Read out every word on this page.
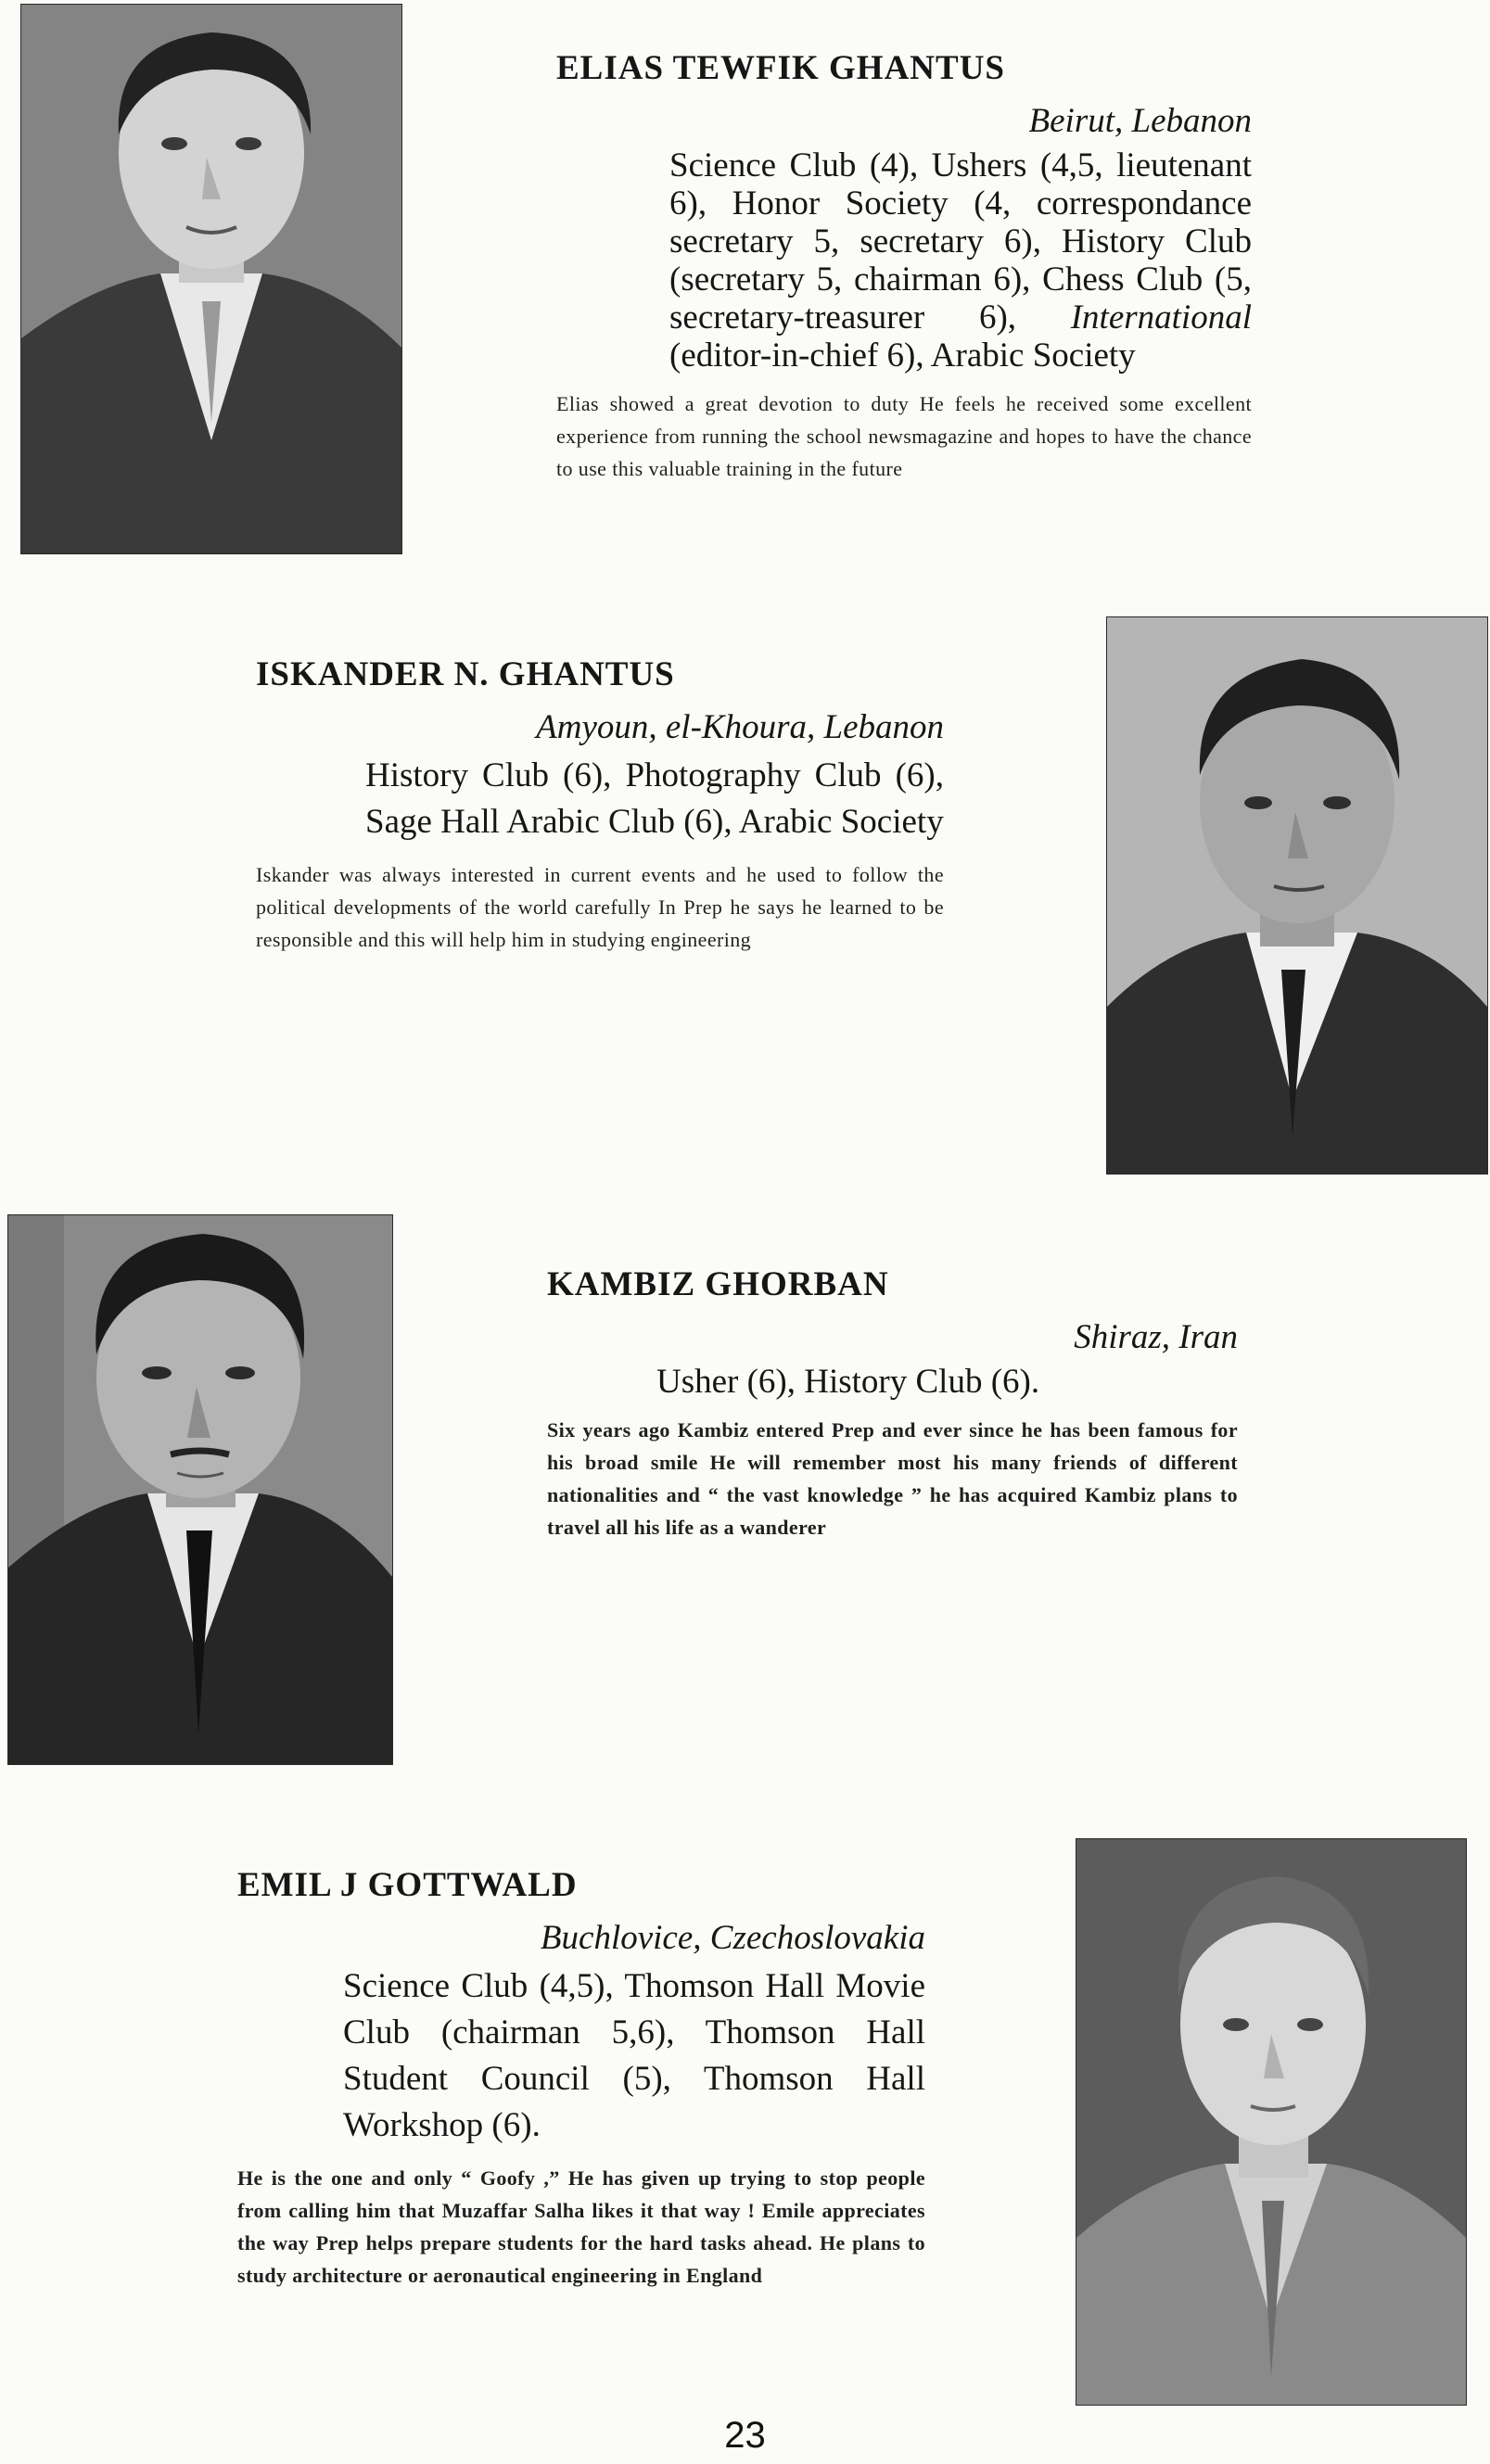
ELIAS TEWFIK GHANTUS
Beirut, Lebanon

Science Club (4), Ushers (4,5, lieutenant 6), Honor Society (4, correspondance secretary 5, secretary 6), History Club (secretary 5, chairman 6), Chess Club (5, secretary-treasurer 6), International (editor-in-chief 6), Arabic Society

Elias showed a great devotion to duty He feels he received some excellent experience from running the school newsmagazine and hopes to have the chance to use this valuable training in the future

ISKANDER N. GHANTUS
Amyoun, el-Khoura, Lebanon

History Club (6), Photography Club (6), Sage Hall Arabic Club (6), Arabic Society

Iskander was always interested in current events and he used to follow the political developments of the world carefully In Prep he says he learned to be responsible and this will help him in studying engineering

KAMBIZ GHORBAN
Shiraz, Iran

Usher (6), History Club (6).

Six years ago Kambiz entered Prep and ever since he has been famous for his broad smile He will remember most his many friends of different nationalities and “ the vast knowledge ” he has acquired Kambiz plans to travel all his life as a wanderer

EMIL J GOTTWALD
Buchlovice, Czechoslovakia

Science Club (4,5), Thomson Hall Movie Club (chairman 5,6), Thomson Hall Student Council (5), Thomson Hall Workshop (6).

He is the one and only “ Goofy ,” He has given up trying to stop people from calling him that Muzaffar Salha likes it that way ! Emile appreciates the way Prep helps prepare students for the hard tasks ahead. He plans to study architecture or aeronautical engineering in England

23
